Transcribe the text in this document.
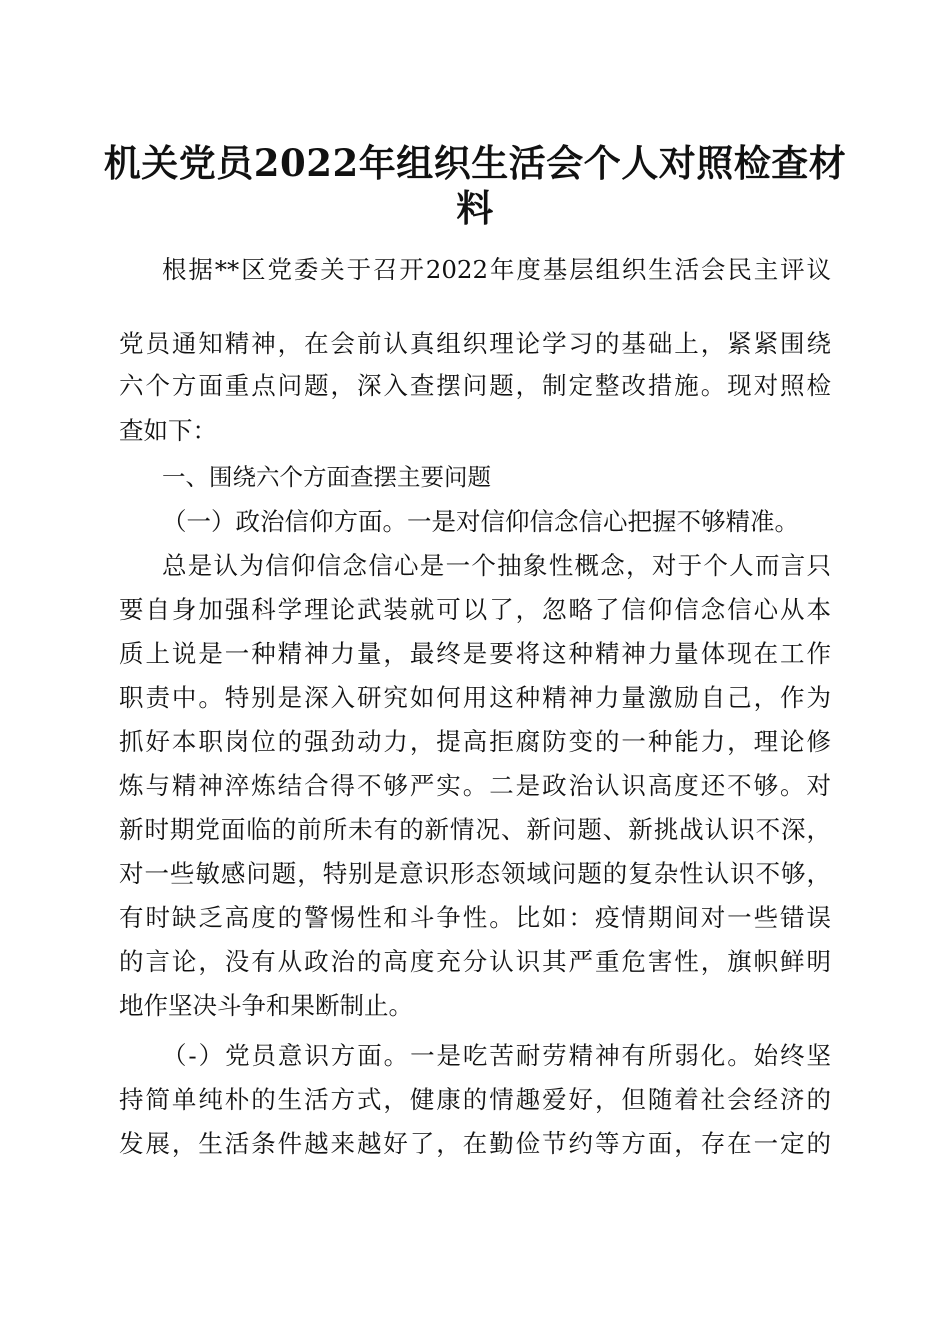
机关党员2022年组织生活会个人对照检查材
料

根据**区党委关于召开2022年度基层组织生活会民主评议

党员通知精神，在会前认真组织理论学习的基础上，紧紧围绕

六个方面重点问题，深入查摆问题，制定整改措施。现对照检

查如下：

一、围绕六个方面查摆主要问题

（一）政治信仰方面。一是对信仰信念信心把握不够精准。

总是认为信仰信念信心是一个抽象性概念，对于个人而言只

要自身加强科学理论武装就可以了，忽略了信仰信念信心从本

质上说是一种精神力量，最终是要将这种精神力量体现在工作

职责中。特别是深入研究如何用这种精神力量激励自己，作为

抓好本职岗位的强劲动力，提高拒腐防变的一种能力，理论修

炼与精神淬炼结合得不够严实。二是政治认识高度还不够。对

新时期党面临的前所未有的新情况、新问题、新挑战认识不深，

对一些敏感问题，特别是意识形态领域问题的复杂性认识不够，

有时缺乏高度的警惕性和斗争性。比如：疫情期间对一些错误

的言论，没有从政治的高度充分认识其严重危害性，旗帜鲜明

地作坚决斗争和果断制止。

（-）党员意识方面。一是吃苦耐劳精神有所弱化。始终坚

持简单纯朴的生活方式，健康的情趣爱好，但随着社会经济的

发展，生活条件越来越好了，在勤俭节约等方面，存在一定的
